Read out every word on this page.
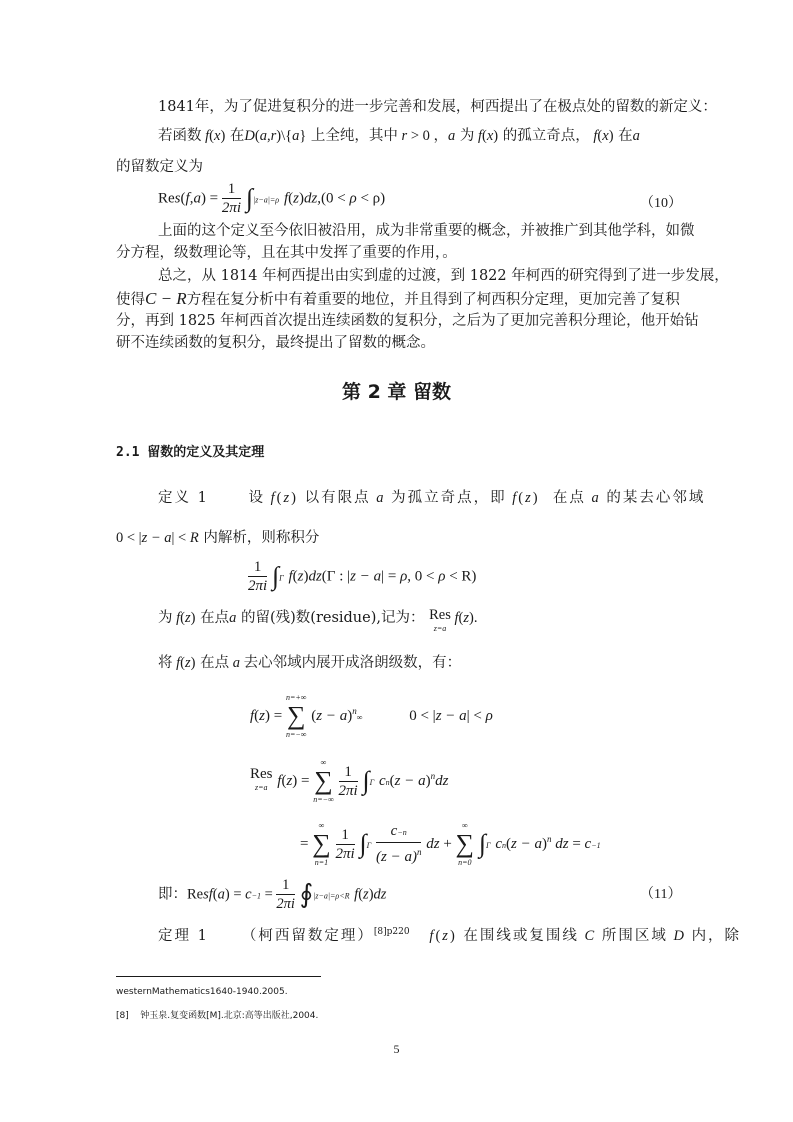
1841年，为了促进复积分的进一步完善和发展，柯西提出了在极点处的留数的新定义：
若函数 f(x) 在D(a,r)\{a} 上全纯，其中 r > 0 ，a 为 f(x) 的孤立奇点， f(x) 在a
的留数定义为
$Res(f,a) = \frac{1}{2\pi i} \int|z-a|=\rho$ f(z)dz,(0 < ρ < ρ)	（10）
上面的这个定义至今依旧被沿用，成为非常重要的概念，并被推广到其他学科，如微
分方程，级数理论等，且在其中发挥了重要的作用，。
总之，从 1814 年柯西提出由实到虚的过渡，到 1822 年柯西的研究得到了进一步发展，
使得C − R方程在复分析中有着重要的地位，并且得到了柯西积分定理，更加完善了复积
分，再到 1825 年柯西首次提出连续函数的复积分，之后为了更加完善积分理论，他开始钻
研不连续函数的复积分，最终提出了留数的概念。
第 2 章 留数
2.1 留数的定义及其定理
定义 1	设 f(z) 以有限点 a 为孤立奇点，即 f(z) 在点 a 的某去心邻域
0 < |z − a| < R 内解析，则称积分
$\frac{1}{2\pi i} \int\Gamma$ f(z)dz(Γ : |z − a| = ρ, 0 < ρ < R)
为 f(z) 在点a 的留(残)数(residue),记为： Res
z=a
f(z).
将 f(z) 在点 a 去心邻域内展开成洛朗级数，有：
f(z) =
n=+∞
∑
n=−∞
$(z - a)^n\infty$	0 < |z − a| < ρ
Res
z=a f(z) =
∞
∑
n=−∞
$\frac{1}{2\pi i} \int\Gamma$ $cn(z - a)^ndz$
=
∞
∑
n=1
$\frac{1}{2\pi i} \int\Gamma \frac{c-n}{(z - a)^n}$ dz +
∞
∑
n=0
∫Γ $cn(z - a)^n$ dz = c−1
即：Resf(a) = $c-1 = \frac{1}{2\pi i}$ ∮|z−a|=ρ<R f(z)dz	（11）
定理 1 （柯西留数定理）$^{[8]p220}$ f(z) 在围线或复围线 C 所围区域 D 内，除
westernMathematics1640-1940.2005.
[8] 钟玉泉.复变函数[M].北京:高等出版社,2004.
5
